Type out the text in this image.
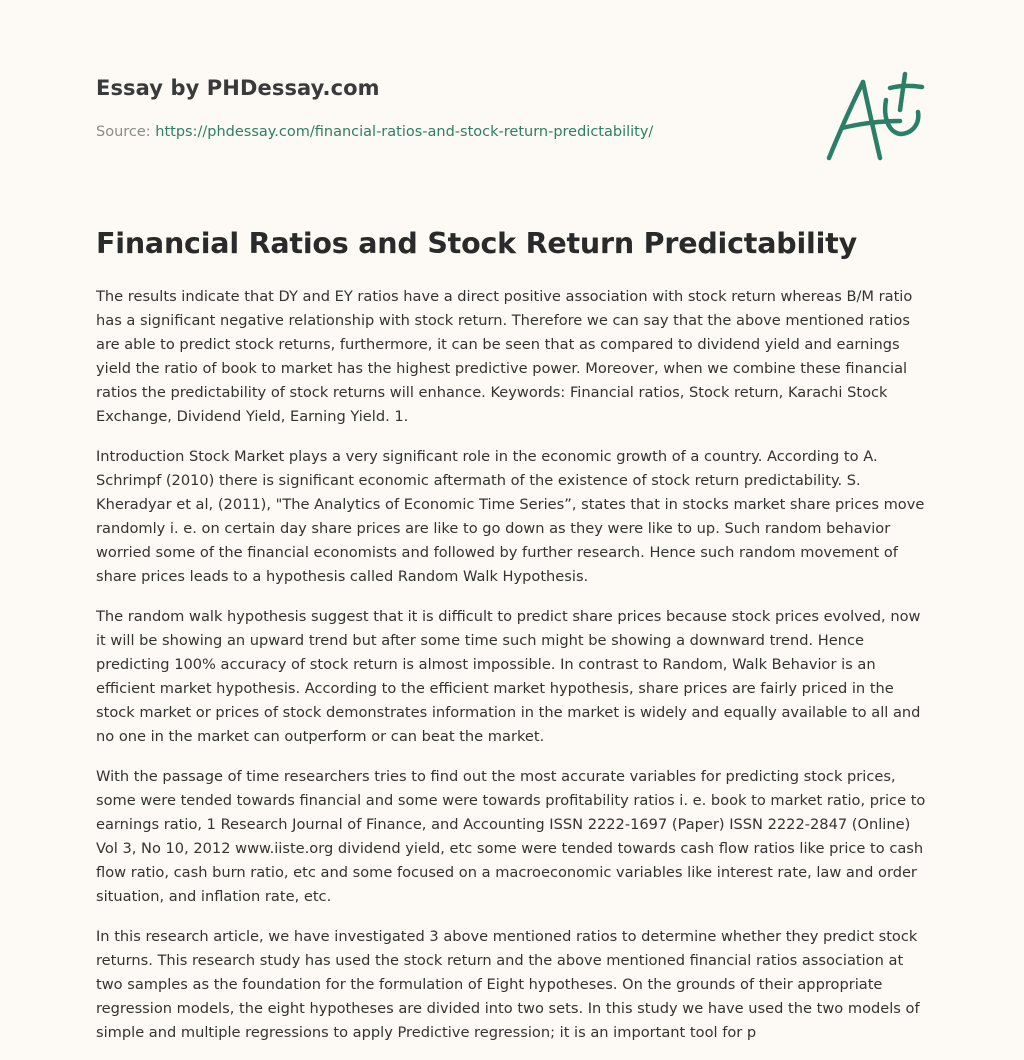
Essay by PHDessay.com

Source: https://phdessay.com/financial-ratios-and-stock-return-predictability/

Financial Ratios and Stock Return Predictability

The results indicate that DY and EY ratios have a direct positive association with stock return whereas B/M ratio has a significant negative relationship with stock return. Therefore we can say that the above mentioned ratios are able to predict stock returns, furthermore, it can be seen that as compared to dividend yield and earnings yield the ratio of book to market has the highest predictive power. Moreover, when we combine these financial ratios the predictability of stock returns will enhance. Keywords: Financial ratios, Stock return, Karachi Stock Exchange, Dividend Yield, Earning Yield. 1.

Introduction Stock Market plays a very significant role in the economic growth of a country. According to A. Schrimpf (2010) there is significant economic aftermath of the existence of stock return predictability. S. Kheradyar et al, (2011), "The Analytics of Economic Time Series”, states that in stocks market share prices move randomly i. e. on certain day share prices are like to go down as they were like to up. Such random behavior worried some of the financial economists and followed by further research. Hence such random movement of share prices leads to a hypothesis called Random Walk Hypothesis.

The random walk hypothesis suggest that it is difficult to predict share prices because stock prices evolved, now it will be showing an upward trend but after some time such might be showing a downward trend. Hence predicting 100% accuracy of stock return is almost impossible. In contrast to Random, Walk Behavior is an efficient market hypothesis. According to the efficient market hypothesis, share prices are fairly priced in the stock market or prices of stock demonstrates information in the market is widely and equally available to all and no one in the market can outperform or can beat the market.

With the passage of time researchers tries to find out the most accurate variables for predicting stock prices, some were tended towards financial and some were towards profitability ratios i. e. book to market ratio, price to earnings ratio, 1 Research Journal of Finance, and Accounting ISSN 2222-1697 (Paper) ISSN 2222-2847 (Online) Vol 3, No 10, 2012 www.iiste.org dividend yield, etc some were tended towards cash flow ratios like price to cash flow ratio, cash burn ratio, etc and some focused on a macroeconomic variables like interest rate, law and order situation, and inflation rate, etc.

In this research article, we have investigated 3 above mentioned ratios to determine whether they predict stock returns. This research study has used the stock return and the above mentioned financial ratios association at two samples as the foundation for the formulation of Eight hypotheses. On the grounds of their appropriate regression models, the eight hypotheses are divided into two sets. In this study we have used the two models of simple and multiple regressions to apply Predictive regression; it is an important tool for p
